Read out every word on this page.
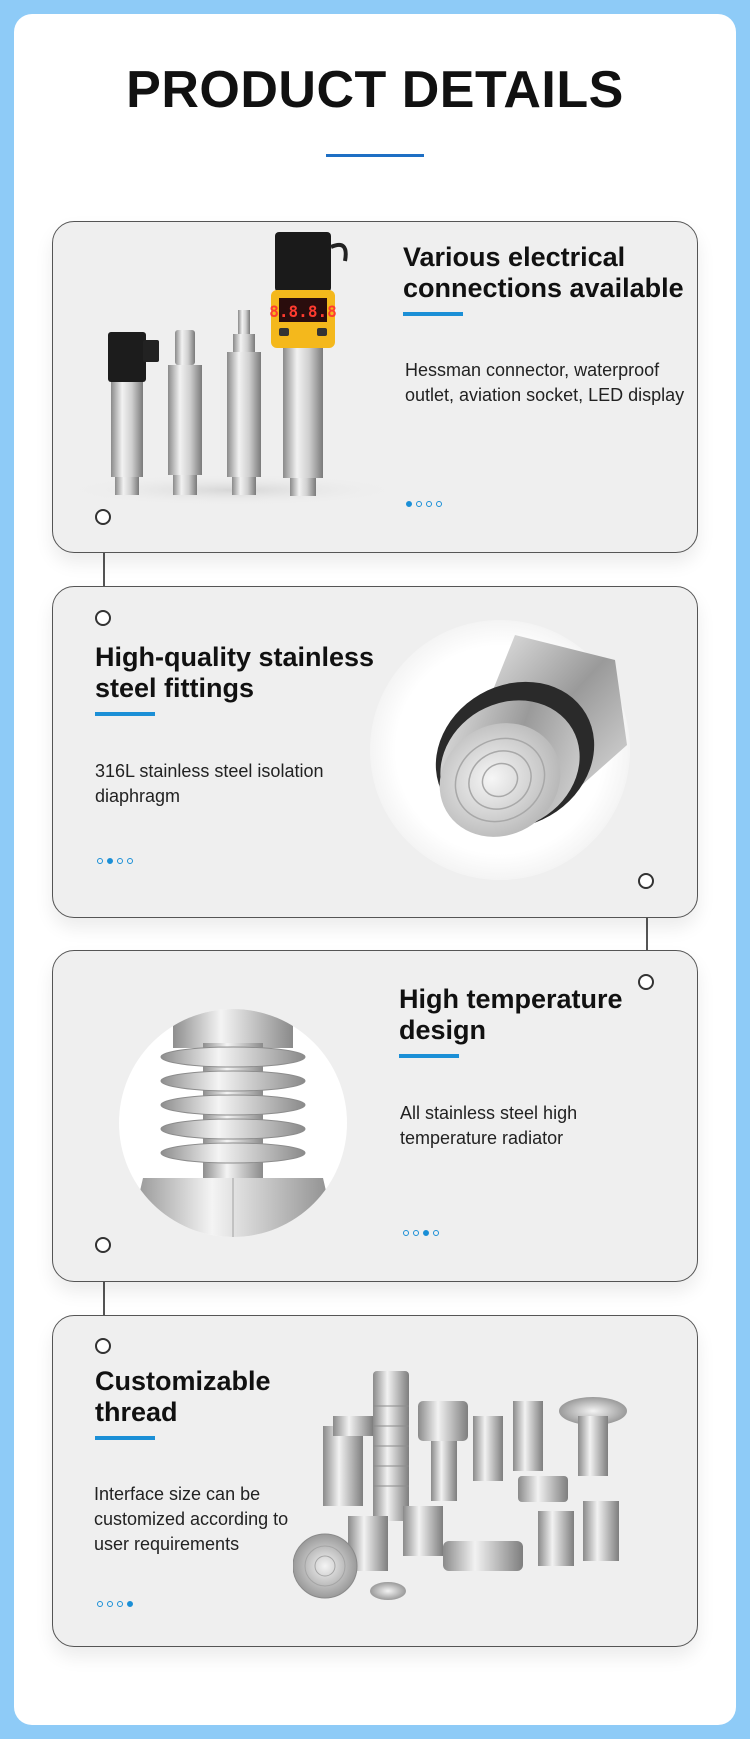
PRODUCT DETAILS
8.8.8.8
Various electrical
connections available
Hessman connector, waterproof
outlet, aviation socket, LED display
High-quality stainless
steel fittings
316L stainless steel isolation
diaphragm
High temperature
design
All stainless steel high
temperature radiator
Customizable
thread
Interface size can be
customized according to
user requirements
